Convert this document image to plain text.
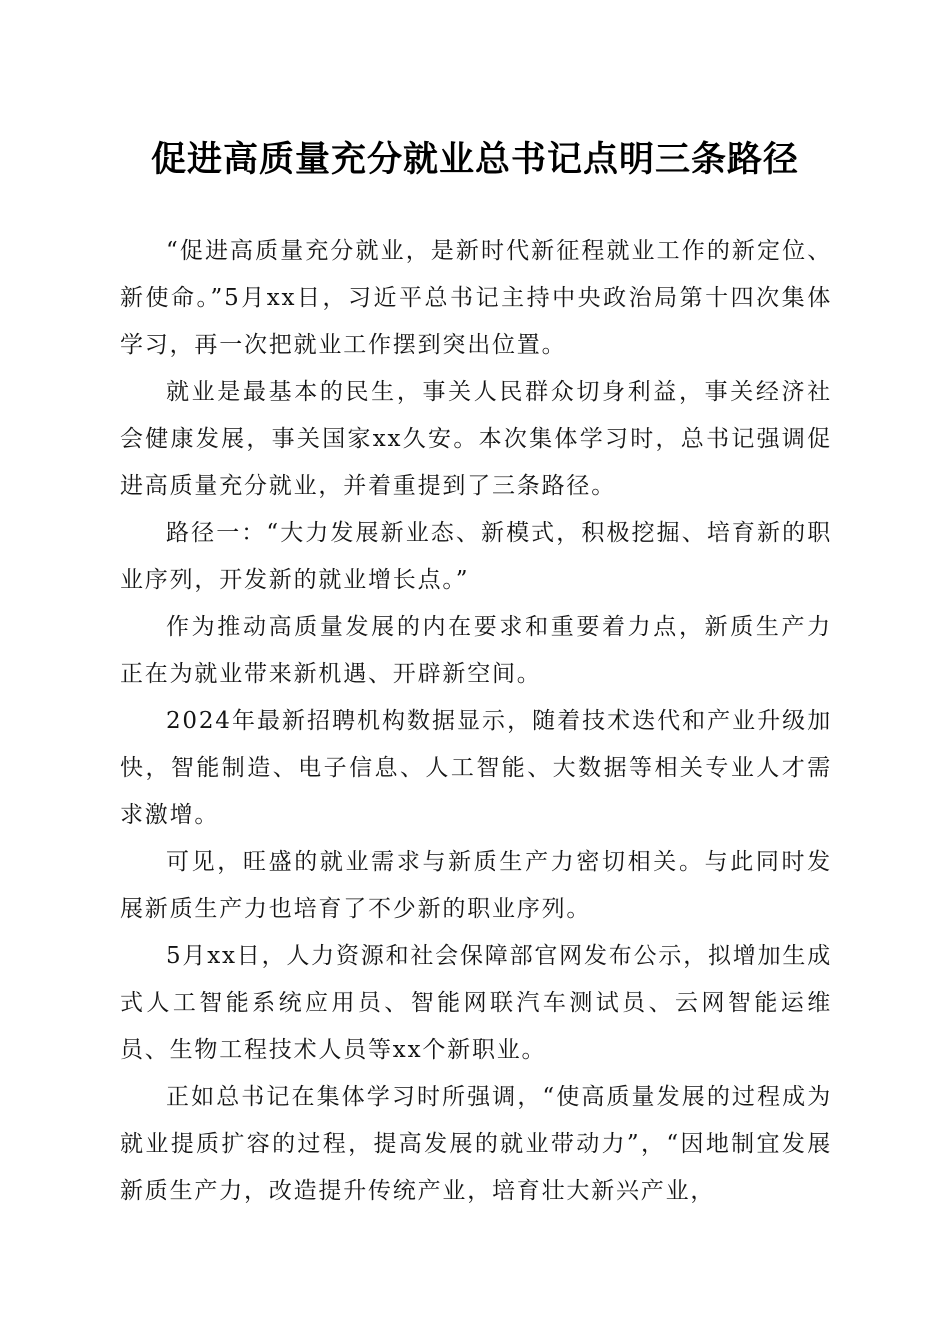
促进高质量充分就业总书记点明三条路径

“促进高质量充分就业，是新时代新征程就业工作的新定位、新使命。”5月xx日，习近平总书记主持中央政治局第十四次集体学习，再一次把就业工作摆到突出位置。

就业是最基本的民生，事关人民群众切身利益，事关经济社会健康发展，事关国家xx久安。本次集体学习时，总书记强调促进高质量充分就业，并着重提到了三条路径。

路径一：“大力发展新业态、新模式，积极挖掘、培育新的职业序列，开发新的就业增长点。”

作为推动高质量发展的内在要求和重要着力点，新质生产力正在为就业带来新机遇、开辟新空间。

2024年最新招聘机构数据显示，随着技术迭代和产业升级加快，智能制造、电子信息、人工智能、大数据等相关专业人才需求激增。

可见，旺盛的就业需求与新质生产力密切相关。与此同时发展新质生产力也培育了不少新的职业序列。

5月xx日，人力资源和社会保障部官网发布公示，拟增加生成式人工智能系统应用员、智能网联汽车测试员、云网智能运维员、生物工程技术人员等xx个新职业。

正如总书记在集体学习时所强调，“使高质量发展的过程成为就业提质扩容的过程，提高发展的就业带动力”，“因地制宜发展新质生产力，改造提升传统产业，培育壮大新兴产业，
